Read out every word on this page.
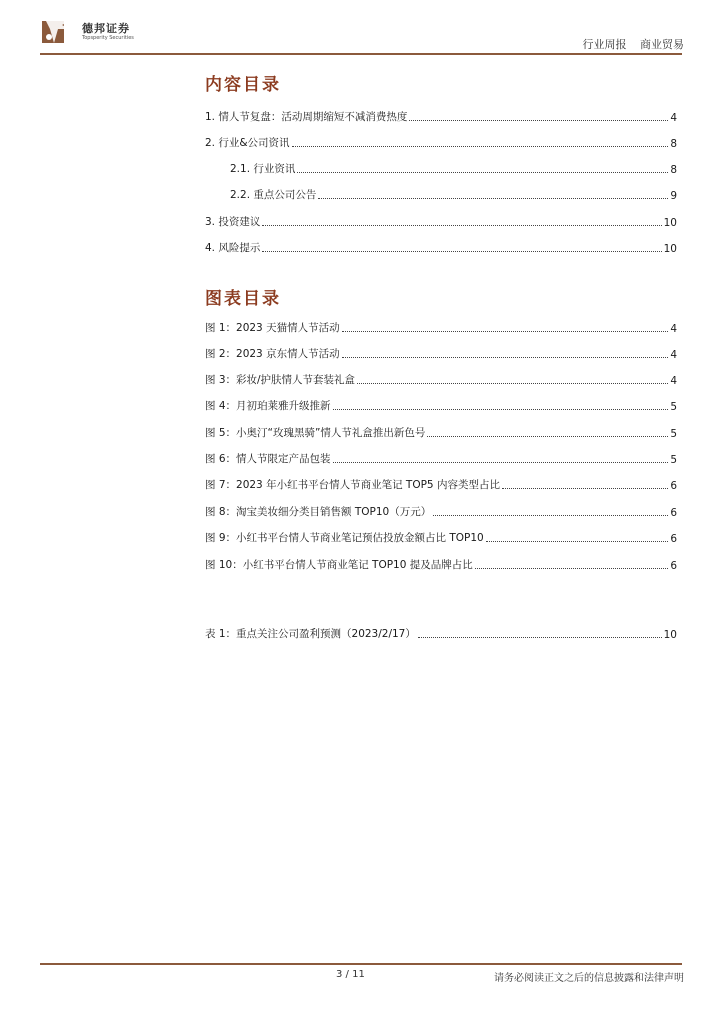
德邦证券
Topsperity Securities	行业周报 商业贸易
内容目录
1. 情人节复盘：活动周期缩短不减消费热度	4
2. 行业&公司资讯	8
2.1. 行业资讯	8
2.2. 重点公司公告	9
3. 投资建议	10
4. 风险提示	10
图表目录
图 1：2023 天猫情人节活动	4
图 2：2023 京东情人节活动	4
图 3：彩妆/护肤情人节套装礼盒	4
图 4：月初珀莱雅升级推新	5
图 5：小奥汀“玫瑰黑骑”情人节礼盒推出新色号	5
图 6：情人节限定产品包装	5
图 7：2023 年小红书平台情人节商业笔记 TOP5 内容类型占比	6
图 8：淘宝美妆细分类目销售额 TOP10（万元）	6
图 9：小红书平台情人节商业笔记预估投放金额占比 TOP10	6
图 10：小红书平台情人节商业笔记 TOP10 提及品牌占比	6
表 1：重点关注公司盈利预测（2023/2/17）	10
3 / 11	请务必阅读正文之后的信息披露和法律声明
